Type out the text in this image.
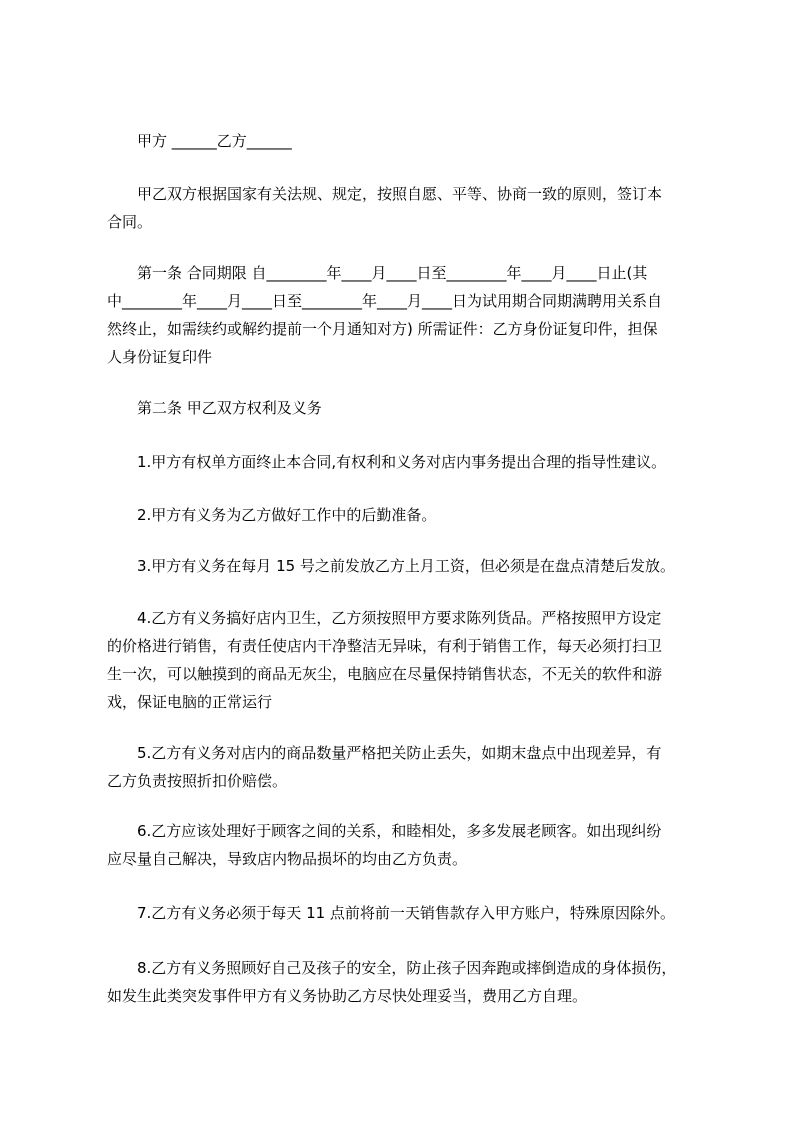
甲方 ______乙方______

甲乙双方根据国家有关法规、规定，按照自愿、平等、协商一致的原则，签订本
合同。

第一条 合同期限 自________年____月____日至________年____月____日止(其
中________年____月____日至________年____月____日为试用期合同期满聘用关系自
然终止，如需续约或解约提前一个月通知对方) 所需证件：乙方身份证复印件，担保
人身份证复印件

第二条 甲乙双方权利及义务

1.甲方有权单方面终止本合同,有权利和义务对店内事务提出合理的指导性建议。

2.甲方有义务为乙方做好工作中的后勤准备。

3.甲方有义务在每月 15 号之前发放乙方上月工资，但必须是在盘点清楚后发放。

4.乙方有义务搞好店内卫生，乙方须按照甲方要求陈列货品。严格按照甲方设定
的价格进行销售，有责任使店内干净整洁无异味，有利于销售工作，每天必须打扫卫
生一次，可以触摸到的商品无灰尘，电脑应在尽量保持销售状态，不无关的软件和游
戏，保证电脑的正常运行

5.乙方有义务对店内的商品数量严格把关防止丢失，如期末盘点中出现差异，有
乙方负责按照折扣价赔偿。

6.乙方应该处理好于顾客之间的关系，和睦相处，多多发展老顾客。如出现纠纷
应尽量自己解决，导致店内物品损坏的均由乙方负责。

7.乙方有义务必须于每天 11 点前将前一天销售款存入甲方账户，特殊原因除外。

8.乙方有义务照顾好自己及孩子的安全，防止孩子因奔跑或摔倒造成的身体损伤，
如发生此类突发事件甲方有义务协助乙方尽快处理妥当，费用乙方自理。
